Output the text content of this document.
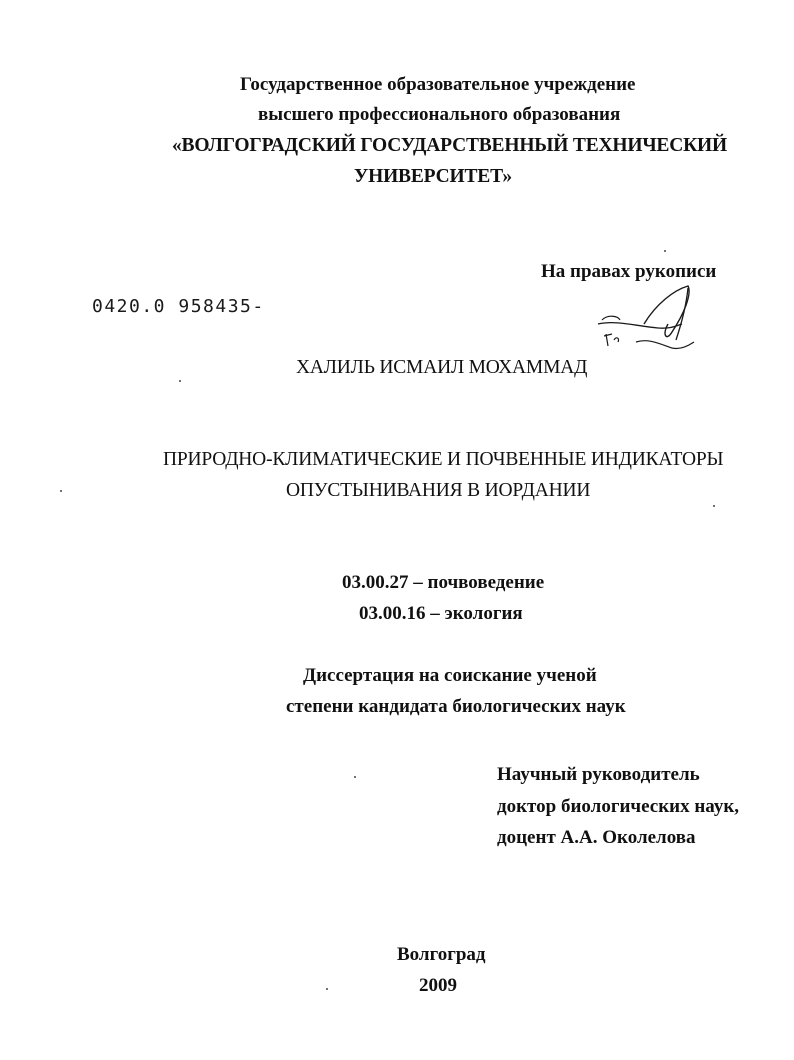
Государственное образовательное учреждение
высшего профессионального образования
«ВОЛГОГРАДСКИЙ ГОСУДАРСТВЕННЫЙ ТЕХНИЧЕСКИЙ
УНИВЕРСИТЕТ»
На правах рукописи
0420.0 958435-
ХАЛИЛЬ ИСМАИЛ МОХАММАД
ПРИРОДНО-КЛИМАТИЧЕСКИЕ И ПОЧВЕННЫЕ ИНДИКАТОРЫ
ОПУСТЫНИВАНИЯ В ИОРДАНИИ
03.00.27 – почвоведение
03.00.16 – экология
Диссертация на соискание ученой
степени кандидата биологических наук
Научный руководитель
доктор биологических наук,
доцент А.А. Околелова
Волгоград
2009
